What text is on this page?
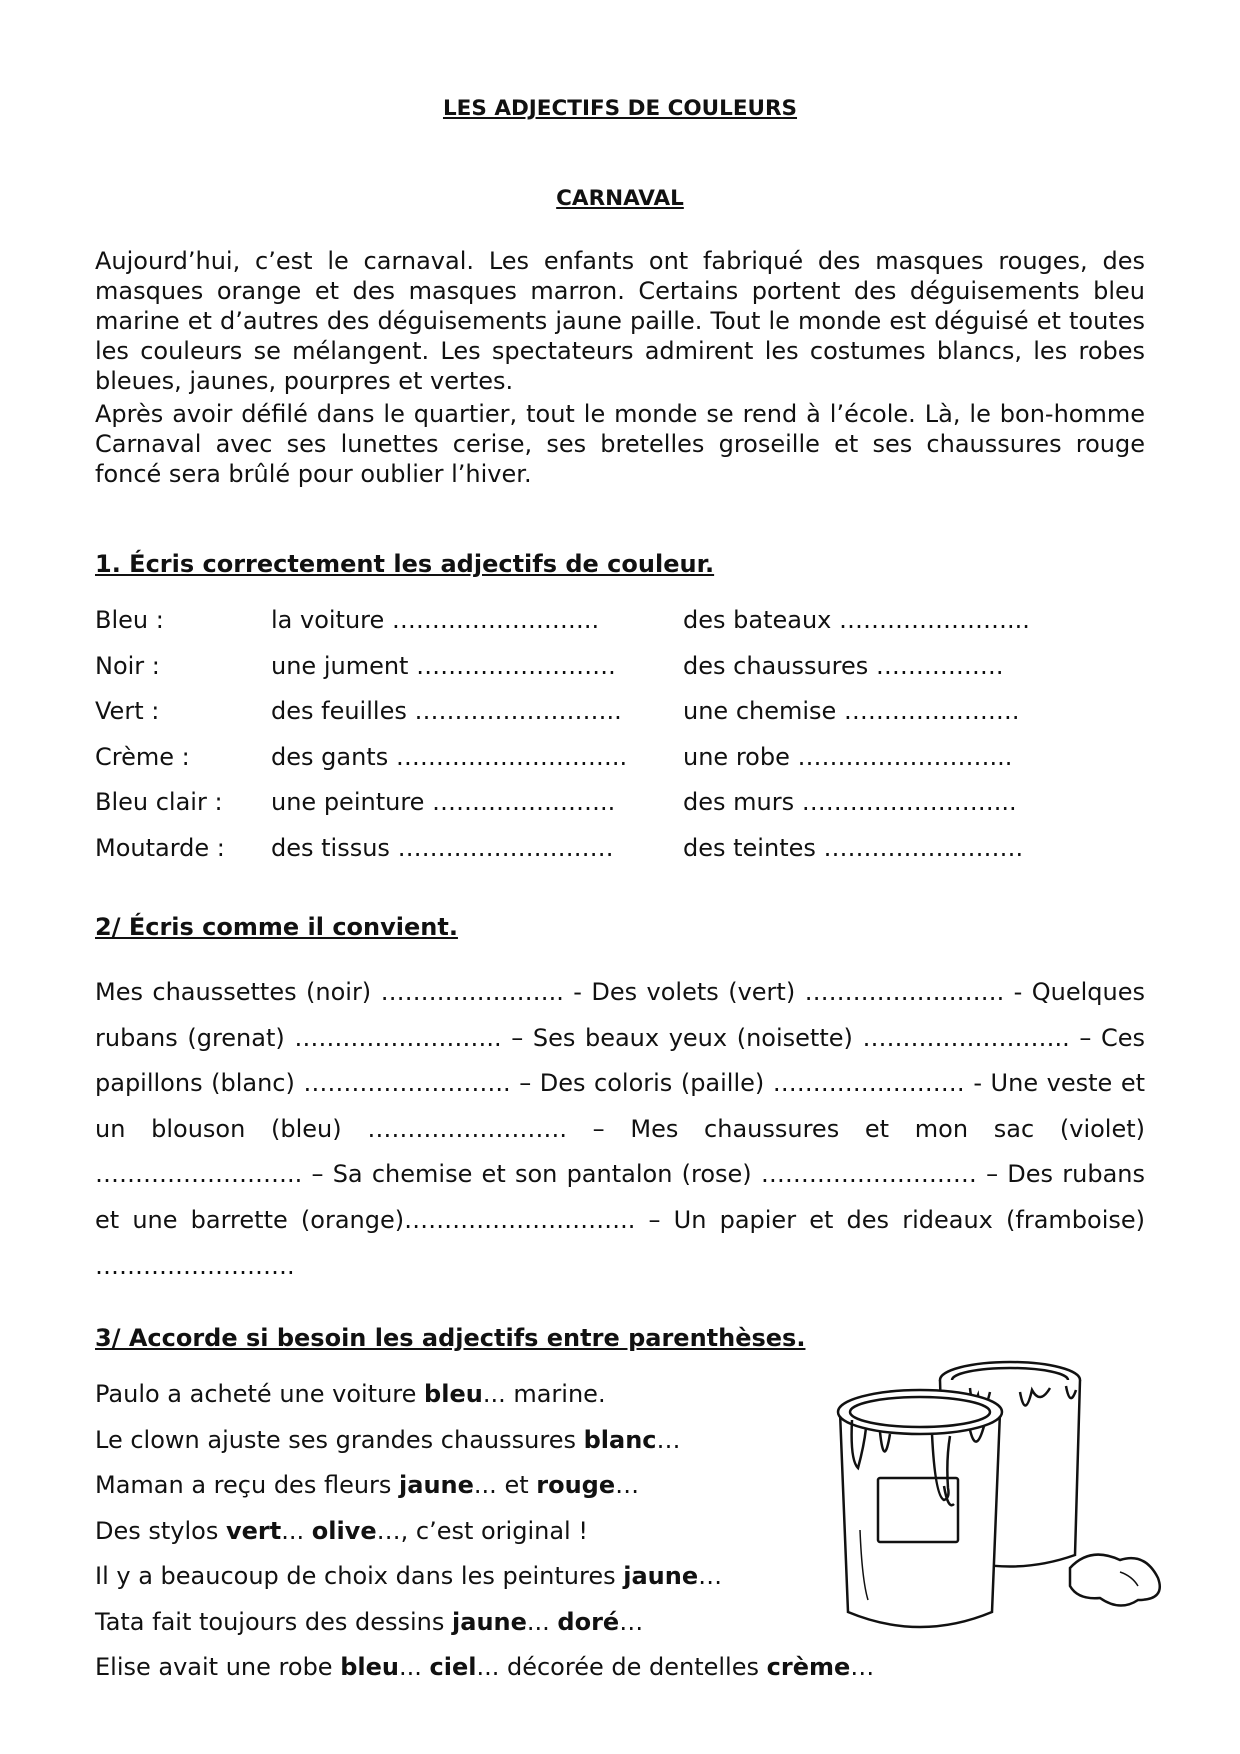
LES ADJECTIFS DE COULEURS
CARNAVAL
Aujourd’hui, c’est le carnaval. Les enfants ont fabriqué des masques rouges, des masques orange et des masques marron. Certains portent des déguisements bleu marine et d’autres des déguisements jaune paille. Tout le monde est déguisé et toutes les couleurs se mélangent. Les spectateurs admirent les costumes blancs, les robes bleues, jaunes, pourpres et vertes.
Après avoir défilé dans le quartier, tout le monde se rend à l’école. Là, le bon-homme Carnaval avec ses lunettes cerise, ses bretelles groseille et ses chaussures rouge foncé sera brûlé pour oublier l’hiver.
1. Écris correctement les adjectifs de couleur.
Bleu :	la voiture ……………………..	des bateaux …………………...
Noir :	une jument …………………….	des chaussures …………….
Vert :	des feuilles ……………………..	une chemise ………………….
Crème :	des gants ……………………….. une robe ……………………...
Bleu clair : une peinture …………………..	des murs ……………………...
Moutarde : des tissus ………………………	des teintes …………………….
2/ Écris comme il convient.
Mes chaussettes (noir) ………………….. - Des volets (vert) ……………………. - Quelques rubans (grenat) …………………….. – Ses beaux yeux (noisette) …………………….. – Ces papillons (blanc) …………………….. – Des coloris (paille) …………………… - Une veste et un blouson (bleu) ……………………. – Mes chaussures et mon sac (violet) …………………….. – Sa chemise et son pantalon (rose) ……………………… – Des rubans et une barrette (orange)……………………….. – Un papier et des rideaux (framboise) …………………….
3/ Accorde si besoin les adjectifs entre parenthèses.
Paulo a acheté une voiture bleu... marine.
Le clown ajuste ses grandes chaussures blanc…
Maman a reçu des fleurs jaune... et rouge…
Des stylos vert... olive…, c’est original !
Il y a beaucoup de choix dans les peintures jaune…
Tata fait toujours des dessins jaune... doré…
Elise avait une robe bleu... ciel... décorée de dentelles crème…
